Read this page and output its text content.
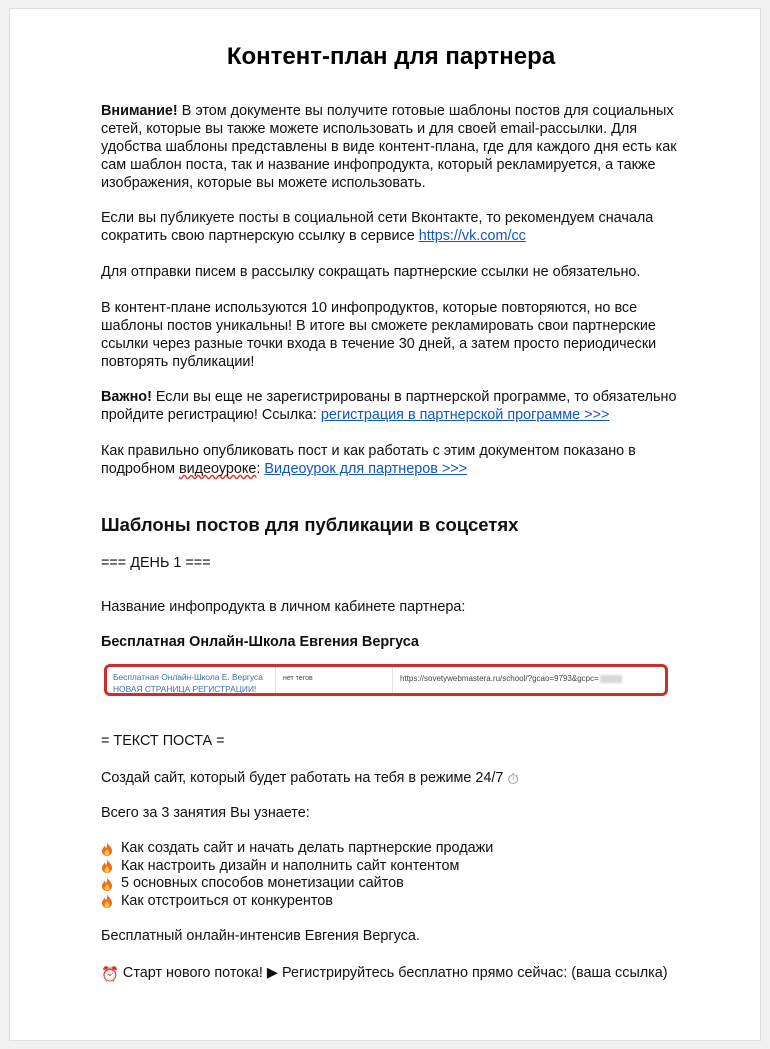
Контент-план для партнера

Внимание! В этом документе вы получите готовые шаблоны постов для социальных сетей, которые вы также можете использовать и для своей email-рассылки. Для удобства шаблоны представлены в виде контент-плана, где для каждого дня есть как сам шаблон поста, так и название инфопродукта, который рекламируется, а также изображения, которые вы можете использовать.

Если вы публикуете посты в социальной сети Вконтакте, то рекомендуем сначала сократить свою партнерскую ссылку в сервисе https://vk.com/cc

Для отправки писем в рассылку сокращать партнерские ссылки не обязательно.

В контент-плане используются 10 инфопродуктов, которые повторяются, но все шаблоны постов уникальны! В итоге вы сможете рекламировать свои партнерские ссылки через разные точки входа в течение 30 дней, а затем просто периодически повторять публикации!

Важно! Если вы еще не зарегистрированы в партнерской программе, то обязательно пройдите регистрацию! Ссылка: регистрация в партнерской программе >>>

Как правильно опубликовать пост и как работать с этим документом показано в подробном видеоуроке: Видеоурок для партнеров >>>

Шаблоны постов для публикации в соцсетях

=== ДЕНЬ 1 ===

Название инфопродукта в личном кабинете партнера:

Бесплатная Онлайн-Школа Евгения Вергуса

Бесплатная Онлайн-Школа Е. Вергуса
НОВАЯ СТРАНИЦА РЕГИСТРАЦИИ!
нет тегов	https://sovetywebmastera.ru/school/?gcao=9793&gcpc=

= ТЕКСТ ПОСТА =

Создай сайт, который будет работать на тебя в режиме 24/7 ⏱

Всего за 3 занятия Вы узнаете:

Как создать сайт и начать делать партнерские продажи
Как настроить дизайн и наполнить сайт контентом
5 основных способов монетизации сайтов
Как отстроиться от конкурентов

Бесплатный онлайн-интенсив Евгения Вергуса.

⏰ Старт нового потока! ▶ Регистрируйтесь бесплатно прямо сейчас: (ваша ссылка)
